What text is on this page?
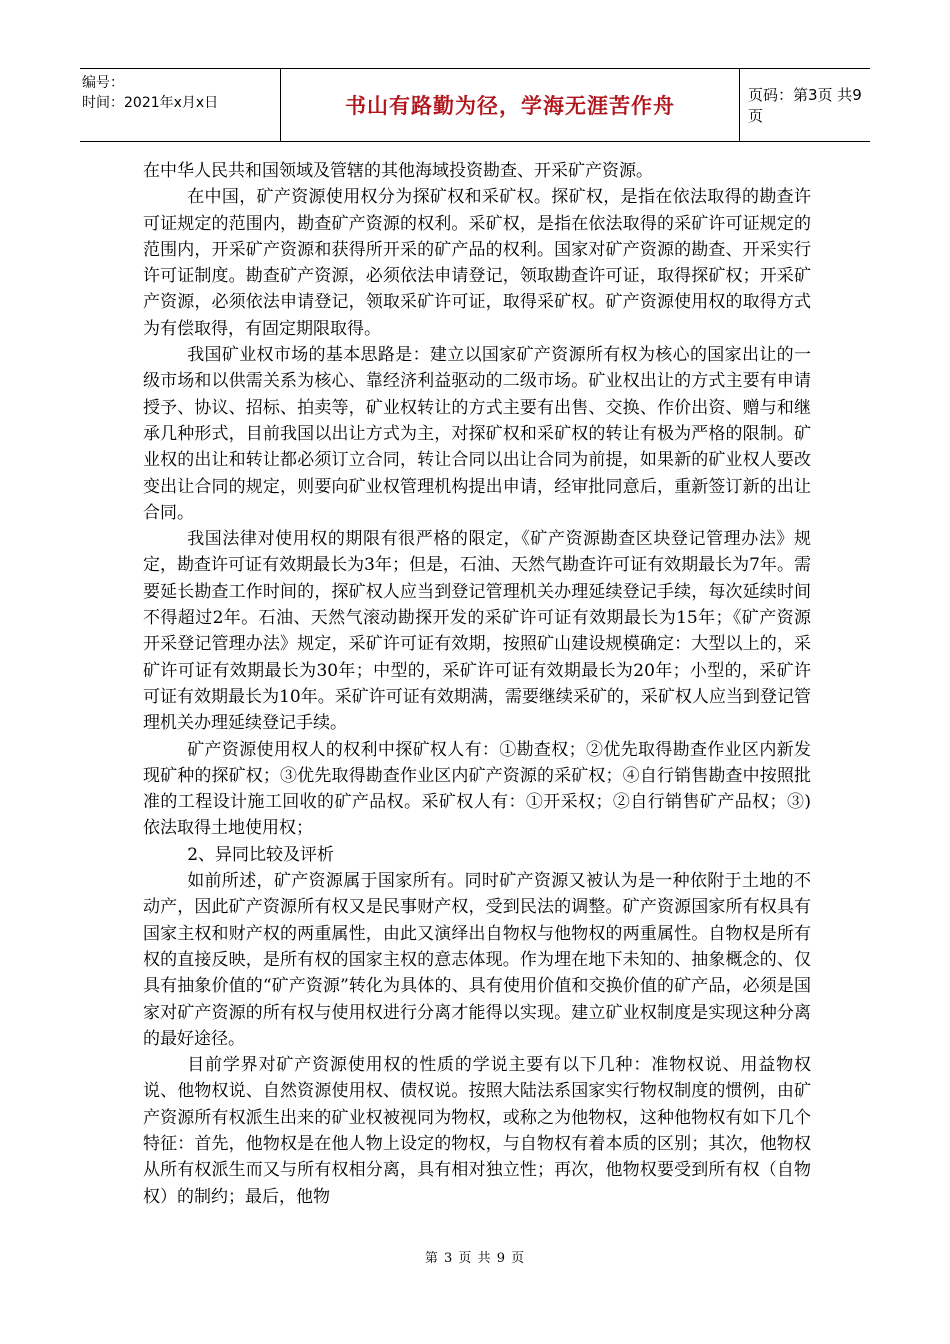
编号：
时间：2021年x月x日	书山有路勤为径，学海无涯苦作舟	页码：第3页 共9页

在中华人民共和国领域及管辖的其他海域投资勘查、开采矿产资源。

在中国，矿产资源使用权分为探矿权和采矿权。探矿权，是指在依法取得的勘查许可证规定的范围内，勘查矿产资源的权利。采矿权，是指在依法取得的采矿许可证规定的范围内，开采矿产资源和获得所开采的矿产品的权利。国家对矿产资源的勘查、开采实行许可证制度。勘查矿产资源，必须依法申请登记，领取勘查许可证，取得探矿权；开采矿产资源，必须依法申请登记，领取采矿许可证，取得采矿权。矿产资源使用权的取得方式为有偿取得，有固定期限取得。

我国矿业权市场的基本思路是：建立以国家矿产资源所有权为核心的国家出让的一级市场和以供需关系为核心、靠经济利益驱动的二级市场。矿业权出让的方式主要有申请授予、协议、招标、拍卖等，矿业权转让的方式主要有出售、交换、作价出资、赠与和继承几种形式，目前我国以出让方式为主，对探矿权和采矿权的转让有极为严格的限制。矿业权的出让和转让都必须订立合同，转让合同以出让合同为前提，如果新的矿业权人要改变出让合同的规定，则要向矿业权管理机构提出申请，经审批同意后，重新签订新的出让合同。

我国法律对使用权的期限有很严格的限定，《矿产资源勘查区块登记管理办法》规定，勘查许可证有效期最长为3年；但是，石油、天然气勘查许可证有效期最长为7年。需要延长勘查工作时间的，探矿权人应当到登记管理机关办理延续登记手续，每次延续时间不得超过2年。石油、天然气滚动勘探开发的采矿许可证有效期最长为15年；《矿产资源开采登记管理办法》规定，采矿许可证有效期，按照矿山建设规模确定：大型以上的，采矿许可证有效期最长为30年；中型的，采矿许可证有效期最长为20年；小型的，采矿许可证有效期最长为10年。采矿许可证有效期满，需要继续采矿的，采矿权人应当到登记管理机关办理延续登记手续。

矿产资源使用权人的权利中探矿权人有：①勘查权；②优先取得勘查作业区内新发现矿种的探矿权；③优先取得勘查作业区内矿产资源的采矿权；④自行销售勘查中按照批准的工程设计施工回收的矿产品权。采矿权人有：①开采权；②自行销售矿产品权；③)依法取得土地使用权；

2、异同比较及评析

如前所述，矿产资源属于国家所有。同时矿产资源又被认为是一种依附于土地的不动产，因此矿产资源所有权又是民事财产权，受到民法的调整。矿产资源国家所有权具有国家主权和财产权的两重属性，由此又演绎出自物权与他物权的两重属性。自物权是所有权的直接反映，是所有权的国家主权的意志体现。作为埋在地下未知的、抽象概念的、仅具有抽象价值的“矿产资源”转化为具体的、具有使用价值和交换价值的矿产品，必须是国家对矿产资源的所有权与使用权进行分离才能得以实现。建立矿业权制度是实现这种分离的最好途径。

目前学界对矿产资源使用权的性质的学说主要有以下几种：准物权说、用益物权说、他物权说、自然资源使用权、债权说。按照大陆法系国家实行物权制度的惯例，由矿产资源所有权派生出来的矿业权被视同为物权，或称之为他物权，这种他物权有如下几个特征：首先，他物权是在他人物上设定的物权，与自物权有着本质的区别；其次，他物权从所有权派生而又与所有权相分离，具有相对独立性；再次，他物权要受到所有权（自物权）的制约；最后，他物

第 3 页 共 9 页
